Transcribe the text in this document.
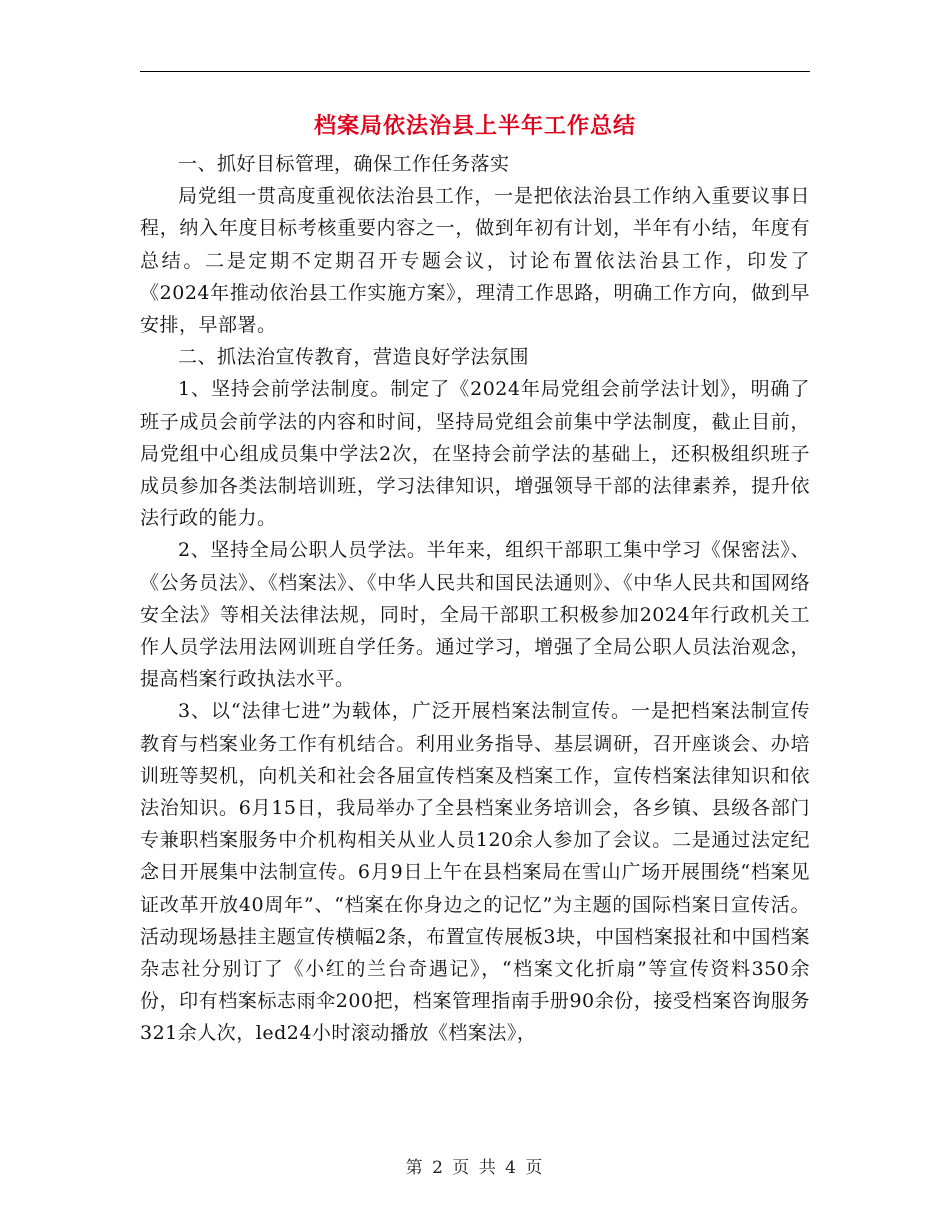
档案局依法治县上半年工作总结

一、抓好目标管理，确保工作任务落实

局党组一贯高度重视依法治县工作，一是把依法治县工作纳入重要议事日程，纳入年度目标考核重要内容之一，做到年初有计划，半年有小结，年度有总结。二是定期不定期召开专题会议，讨论布置依法治县工作，印发了《2024年推动依治县工作实施方案》，理清工作思路，明确工作方向，做到早安排，早部署。

二、抓法治宣传教育，营造良好学法氛围

1、坚持会前学法制度。制定了《2024年局党组会前学法计划》，明确了班子成员会前学法的内容和时间，坚持局党组会前集中学法制度，截止目前，局党组中心组成员集中学法2次，在坚持会前学法的基础上，还积极组织班子成员参加各类法制培训班，学习法律知识，增强领导干部的法律素养，提升依法行政的能力。

2、坚持全局公职人员学法。半年来，组织干部职工集中学习《保密法》、《公务员法》、《档案法》、《中华人民共和国民法通则》、《中华人民共和国网络安全法》等相关法律法规，同时，全局干部职工积极参加2024年行政机关工作人员学法用法网训班自学任务。通过学习，增强了全局公职人员法治观念，提高档案行政执法水平。

3、以“法律七进”为载体，广泛开展档案法制宣传。一是把档案法制宣传教育与档案业务工作有机结合。利用业务指导、基层调研，召开座谈会、办培训班等契机，向机关和社会各届宣传档案及档案工作，宣传档案法律知识和依法治知识。6月15日，我局举办了全县档案业务培训会，各乡镇、县级各部门专兼职档案服务中介机构相关从业人员120余人参加了会议。二是通过法定纪念日开展集中法制宣传。6月9日上午在县档案局在雪山广场开展围绕“档案见证改革开放40周年”、“档案在你身边之的记忆”为主题的国际档案日宣传活。活动现场悬挂主题宣传横幅2条，布置宣传展板3块，中国档案报社和中国档案杂志社分别订了《小红的兰台奇遇记》，“档案文化折扇”等宣传资料350余份，印有档案标志雨伞200把，档案管理指南手册90余份，接受档案咨询服务321余人次，led24小时滚动播放《档案法》，

第 2 页 共 4 页
